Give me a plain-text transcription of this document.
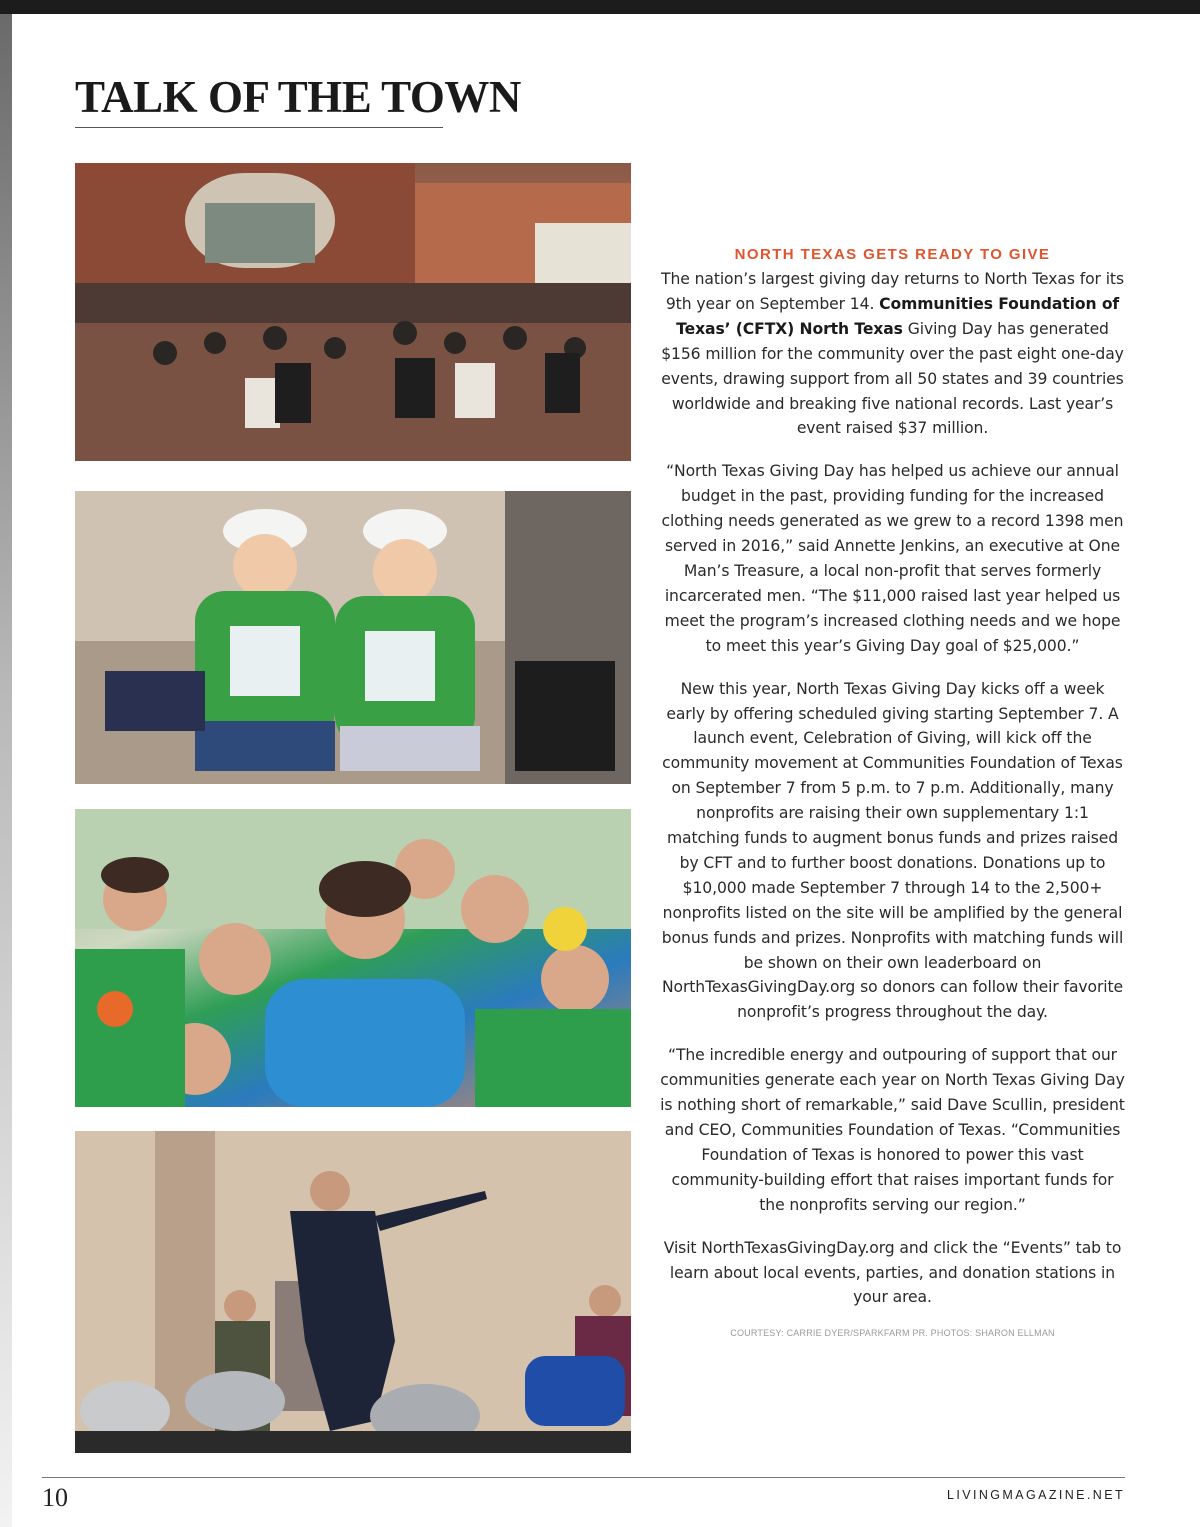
TALK OF THE TOWN
NORTH TEXAS GETS READY TO GIVE

The nation’s largest giving day returns to North Texas for its 9th year on September 14. Communities Foundation of Texas’ (CFTX) North Texas Giving Day has generated $156 million for the community over the past eight one-day events, drawing support from all 50 states and 39 countries worldwide and breaking five national records. Last year’s event raised $37 million.

“North Texas Giving Day has helped us achieve our annual budget in the past, providing funding for the increased clothing needs generated as we grew to a record 1398 men served in 2016,” said Annette Jenkins, an executive at One Man’s Treasure, a local non-profit that serves formerly incarcerated men. “The $11,000 raised last year helped us meet the program’s increased clothing needs and we hope to meet this year’s Giving Day goal of $25,000.”

New this year, North Texas Giving Day kicks off a week early by offering scheduled giving starting September 7. A launch event, Celebration of Giving, will kick off the community movement at Communities Foundation of Texas on September 7 from 5 p.m. to 7 p.m. Additionally, many nonprofits are raising their own supplementary 1:1 matching funds to augment bonus funds and prizes raised by CFT and to further boost donations. Donations up to $10,000 made September 7 through 14 to the 2,500+ nonprofits listed on the site will be amplified by the general bonus funds and prizes. Nonprofits with matching funds will be shown on their own leaderboard on NorthTexasGivingDay.org so donors can follow their favorite nonprofit’s progress throughout the day.

“The incredible energy and outpouring of support that our communities generate each year on North Texas Giving Day is nothing short of remarkable,” said Dave Scullin, president and CEO, Communities Foundation of Texas. “Communities Foundation of Texas is honored to power this vast community-building effort that raises important funds for the nonprofits serving our region.”

Visit NorthTexasGivingDay.org and click the “Events” tab to learn about local events, parties, and donation stations in your area.

COURTESY: CARRIE DYER/SPARKFARM PR. PHOTOS: SHARON ELLMAN
10	LIVINGMAGAZINE.NET
